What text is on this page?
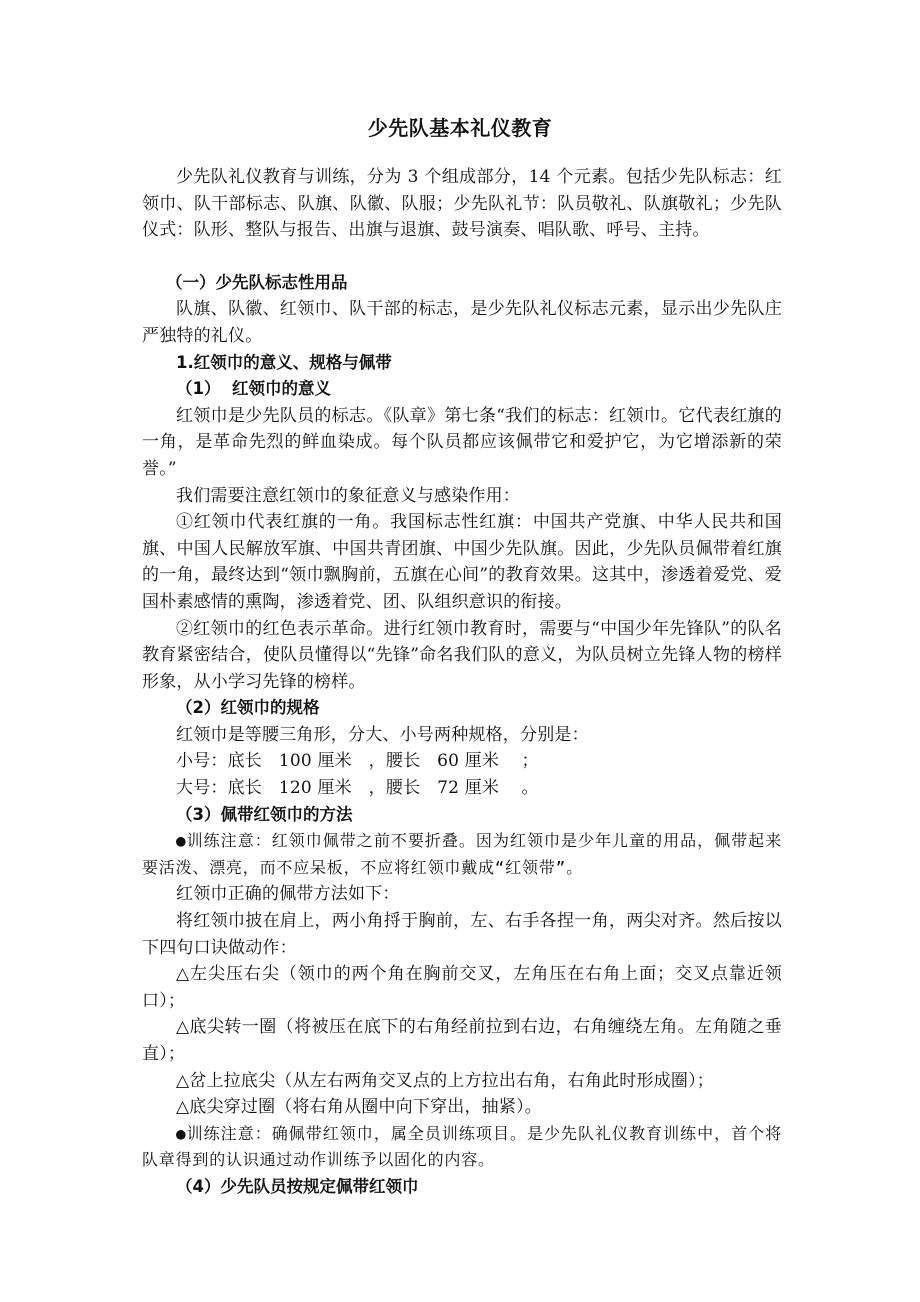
少先队基本礼仪教育

少先队礼仪教育与训练，分为 3 个组成部分，14 个元素。包括少先队标志：红领巾、队干部标志、队旗、队徽、队服；少先队礼节：队员敬礼、队旗敬礼；少先队仪式：队形、整队与报告、出旗与退旗、鼓号演奏、唱队歌、呼号、主持。

（一）少先队标志性用品

队旗、队徽、红领巾、队干部的标志，是少先队礼仪标志元素，显示出少先队庄严独特的礼仪。

1.红领巾的意义、规格与佩带
（1）  红领巾的意义

红领巾是少先队员的标志。《队章》第七条“我们的标志：红领巾。它代表红旗的一角，是革命先烈的鲜血染成。每个队员都应该佩带它和爱护它，为它增添新的荣誉。”

我们需要注意红领巾的象征意义与感染作用：

①红领巾代表红旗的一角。我国标志性红旗：中国共产党旗、中华人民共和国旗、中国人民解放军旗、中国共青团旗、中国少先队旗。因此，少先队员佩带着红旗的一角，最终达到“领巾飘胸前，五旗在心间”的教育效果。这其中，渗透着爱党、爱国朴素感情的熏陶，渗透着党、团、队组织意识的衔接。

②红领巾的红色表示革命。进行红领巾教育时，需要与“中国少年先锋队”的队名教育紧密结合，使队员懂得以“先锋”命名我们队的意义，为队员树立先锋人物的榜样形象，从小学习先锋的榜样。

（2）红领巾的规格

红领巾是等腰三角形，分大、小号两种规格，分别是：

小号：底长   100 厘米   ，腰长   60 厘米    ；

大号：底长   120 厘米   ，腰长   72 厘米    。

（3）佩带红领巾的方法

●训练注意：红领巾佩带之前不要折叠。因为红领巾是少年儿童的用品，佩带起来要活泼、漂亮，而不应呆板，不应将红领巾戴成“红领带”。

红领巾正确的佩带方法如下：

将红领巾披在肩上，两小角捋于胸前，左、右手各捏一角，两尖对齐。然后按以下四句口诀做动作：

△左尖压右尖（领巾的两个角在胸前交叉，左角压在右角上面；交叉点靠近领口）；

△底尖转一圈（将被压在底下的右角经前拉到右边，右角缠绕左角。左角随之垂直）；

△岔上拉底尖（从左右两角交叉点的上方拉出右角，右角此时形成圈）；

△底尖穿过圈（将右角从圈中向下穿出，抽紧）。

●训练注意：确佩带红领巾，属全员训练项目。是少先队礼仪教育训练中，首个将队章得到的认识通过动作训练予以固化的内容。

（4）少先队员按规定佩带红领巾
